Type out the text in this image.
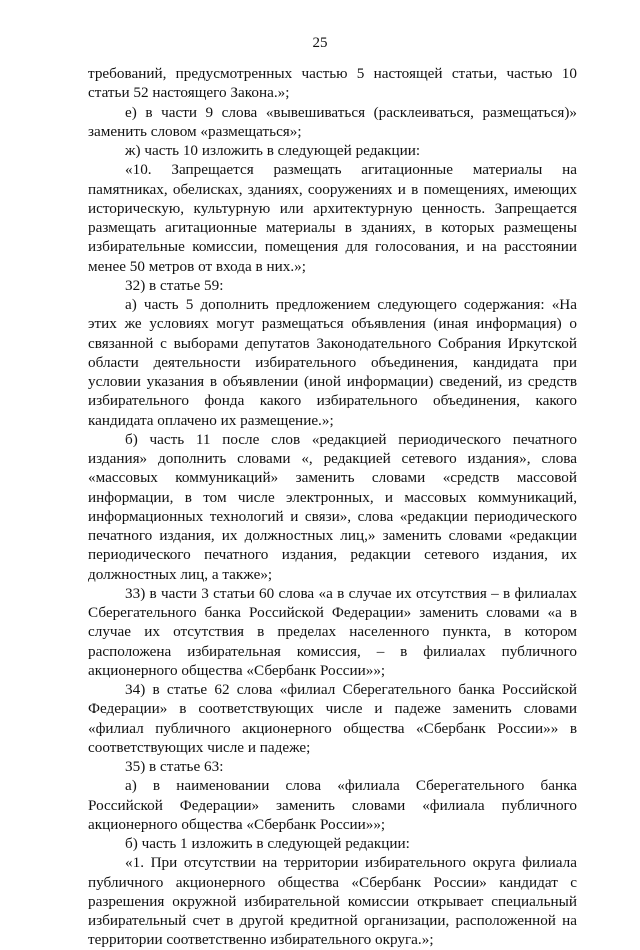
25

требований, предусмотренных частью 5 настоящей статьи, частью 10 статьи 52 настоящего Закона.»;

е) в части 9 слова «вывешиваться (расклеиваться, размещаться)» заменить словом «размещаться»;

ж) часть 10 изложить в следующей редакции:

«10. Запрещается размещать агитационные материалы на памятниках, обелисках, зданиях, сооружениях и в помещениях, имеющих историческую, культурную или архитектурную ценность. Запрещается размещать агитационные материалы в зданиях, в которых размещены избирательные комиссии, помещения для голосования, и на расстоянии менее 50 метров от входа в них.»;

32) в статье 59:

а) часть 5 дополнить предложением следующего содержания: «На этих же условиях могут размещаться объявления (иная информация) о связанной с выборами депутатов Законодательного Собрания Иркутской области деятельности избирательного объединения, кандидата при условии указания в объявлении (иной информации) сведений, из средств избирательного фонда какого избирательного объединения, какого кандидата оплачено их размещение.»;

б) часть 11 после слов «редакцией периодического печатного издания» дополнить словами «, редакцией сетевого издания», слова «массовых коммуникаций» заменить словами «средств массовой информации, в том числе электронных, и массовых коммуникаций, информационных технологий и связи», слова «редакции периодического печатного издания, их должностных лиц,» заменить словами «редакции периодического печатного издания, редакции сетевого издания, их должностных лиц, а также»;

33) в части 3 статьи 60 слова «а в случае их отсутствия – в филиалах Сберегательного банка Российской Федерации» заменить словами «а в случае их отсутствия в пределах населенного пункта, в котором расположена избирательная комиссия, – в филиалах публичного акционерного общества «Сбербанк России»»;

34) в статье 62 слова «филиал Сберегательного банка Российской Федерации» в соответствующих числе и падеже заменить словами «филиал публичного акционерного общества «Сбербанк России»» в соответствующих числе и падеже;

35) в статье 63:

а) в наименовании слова «филиала Сберегательного банка Российской Федерации» заменить словами «филиала публичного акционерного общества «Сбербанк России»»;

б) часть 1 изложить в следующей редакции:

«1. При отсутствии на территории избирательного округа филиала публичного акционерного общества «Сбербанк России» кандидат с разрешения окружной избирательной комиссии открывает специальный избирательный счет в другой кредитной организации, расположенной на территории соответственно избирательного округа.»;
